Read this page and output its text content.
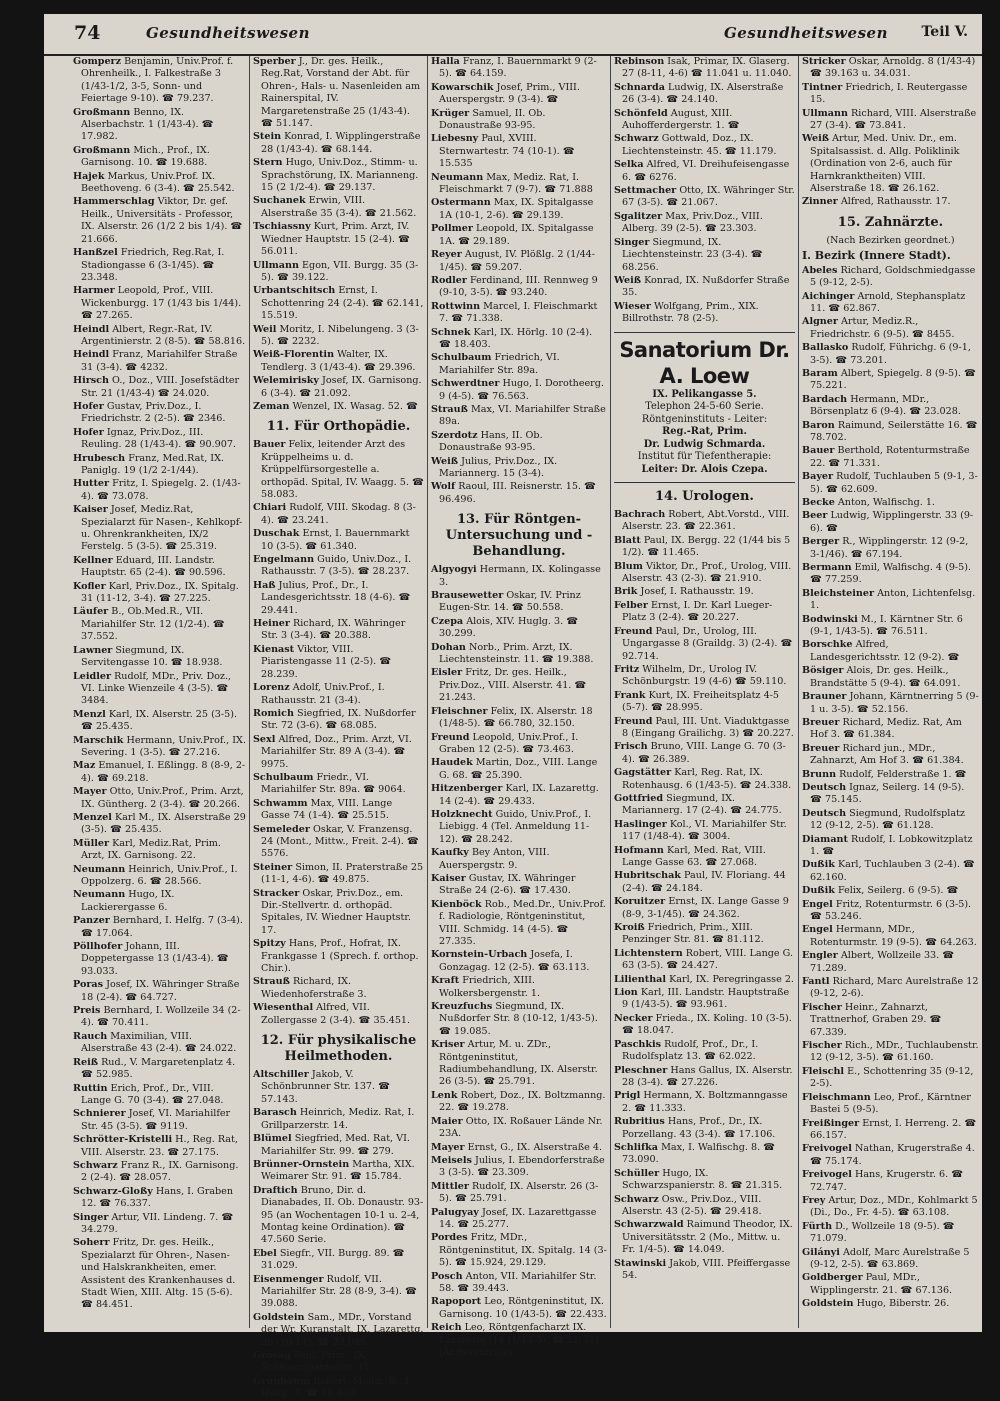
74	Gesundheitswesen	Gesundheitswesen Teil V.
Gomperz Benjamin, Univ.Prof. f. Ohrenheilk., I. Falkestraße 3 (1/43-1/2, 3-5, Sonn- und Feiertage 9-10). ☎ 79.237.
Großmann Benno, IX. Alserbachstr. 1 (1/43-4). ☎ 17.982.
Großmann Mich., Prof., IX. Garnisong. 10. ☎ 19.688.
Hajek Markus, Univ.Prof. IX. Beethoveng. 6 (3-4). ☎ 25.542.
Hammerschlag Viktor, Dr. gef. Heilk., Universitäts - Professor, IX. Alserstr. 26 (1/2 2 bis 1/4). ☎ 21.666.
Hanßzel Friedrich, Reg.Rat, I. Stadiongasse 6 (3-1/45). ☎ 23.348.
Harmer Leopold, Prof., VIII. Wickenburgg. 17 (1/43 bis 1/44). ☎ 27.265.
Heindl Albert, Regr.-Rat, IV. Argentinierstr. 2 (8-5). ☎ 58.816.
Heindl Franz, Mariahilfer Straße 31 (3-4). ☎ 4232.
Hirsch O., Doz., VIII. Josefstädter Str. 21 (1/43-4) ☎ 24.020.
Hofer Gustav, Priv.Doz., I. Friedrichstr. 2 (2-5). ☎ 2346.
Hofer Ignaz, Priv.Doz., III. Reuling. 28 (1/43-4). ☎ 90.907.
Hrubesch Franz, Med.Rat, IX. Paniglg. 19 (1/2 2-1/44).
Hutter Fritz, I. Spiegelg. 2. (1/43-4). ☎ 73.078.
Kaiser Josef, Mediz.Rat, Spezialarzt für Nasen-, Kehlkopf- u. Ohrenkrankheiten, IX/2 Ferstelg. 5 (3-5). ☎ 25.319.
Kellner Eduard, III. Landstr. Hauptstr. 65 (2-4). ☎ 90.596.
Kofler Karl, Priv.Doz., IX. Spitalg. 31 (11-12, 3-4). ☎ 27.225.
Läufer B., Ob.Med.R., VII. Mariahilfer Str. 12 (1/2-4). ☎ 37.552.
Lawner Siegmund, IX. Servitengasse 10. ☎ 18.938.
Leidler Rudolf, MDr., Priv. Doz., VI. Linke Wienzeile 4 (3-5). ☎ 3484.
Menzl Karl, IX. Alserstr. 25 (3-5). ☎ 25.435.
Marschik Hermann, Univ.Prof., IX. Severing. 1 (3-5). ☎ 27.216.
Maz Emanuel, I. Eßlingg. 8 (8-9, 2-4). ☎ 69.218.
Mayer Otto, Univ.Prof., Prim. Arzt, IX. Güntherg. 2 (3-4). ☎ 20.266.
Menzel Karl M., IX. Alserstraße 29 (3-5). ☎ 25.435.
Müller Karl, Mediz.Rat, Prim. Arzt, IX. Garnisong. 22.
Neumann Heinrich, Univ.Prof., I. Oppolzerg. 6. ☎ 28.566.
Neumann Hugo, IX. Lackierergasse 6.
Panzer Bernhard, I. Helfg. 7 (3-4). ☎ 17.064.
Pöllhofer Johann, III. Doppetergasse 13 (1/43-4). ☎ 93.033.
Poras Josef, IX. Währinger Straße 18 (2-4). ☎ 64.727.
Preis Bernhard, I. Wollzeile 34 (2-4). ☎ 70.411.
Rauch Maximilian, VIII. Alserstraße 43 (2-4). ☎ 24.022.
Reiß Rud., V. Margaretenplatz 4. ☎ 52.985.
Ruttin Erich, Prof., Dr., VIII. Lange G. 70 (3-4). ☎ 27.048.
Schnierer Josef, VI. Mariahilfer Str. 45 (3-5). ☎ 9119.
Schrötter-Kristelli H., Reg. Rat, VIII. Alserstr. 23. ☎ 27.175.
Schwarz Franz R., IX. Garnisong. 2 (2-4). ☎ 28.057.
Schwarz-Gloßy Hans, I. Graben 12. ☎ 76.337.
Singer Artur, VII. Lindeng. 7. ☎ 34.279.
Soherr Fritz, Dr. ges. Heilk., Spezialarzt für Ohren-, Nasen- und Halskrankheiten, emer. Assistent des Krankenhauses d. Stadt Wien, XIII. Altg. 15 (5-6). ☎ 84.451.
Sperber J., Dr. ges. Heilk., Reg.Rat, Vorstand der Abt. für Ohren-, Hals- u. Nasenleiden am Rainerspital, IV. Margaretenstraße 25 (1/43-4). ☎ 51.147.
Stein Konrad, I. Wipplingerstraße 28 (1/43-4). ☎ 68.144.
Stern Hugo, Univ.Doz., Stimm- u. Sprachstörung, IX. Marianneng. 15 (2 1/2-4). ☎ 29.137.
Suchanek Erwin, VIII. Alserstraße 35 (3-4). ☎ 21.562.
Tschiassny Kurt, Prim. Arzt, IV. Wiedner Hauptstr. 15 (2-4). ☎ 56.011.
Ullmann Egon, VII. Burgg. 35 (3-5). ☎ 39.122.
Urbantschitsch Ernst, I. Schottenring 24 (2-4). ☎ 62.141, 15.519.
Weil Moritz, I. Nibelungeng. 3 (3-5). ☎ 2232.
Weiß-Florentin Walter, IX. Tendlerg. 3 (1/43-4). ☎ 29.396.
Welemirisky Josef, IX. Garnisong. 6 (3-4). ☎ 21.092.
Zeman Wenzel, IX. Wasag. 52. ☎
11. Für Orthopädie.
Bauer Felix, leitender Arzt des Krüppelheims u. d. Krüppelfürsorgestelle a. orthopäd. Spital, IV. Waagg. 5. ☎ 58.083.
Chiari Rudolf, VIII. Skodag. 8 (3-4). ☎ 23.241.
Duschak Ernst, I. Bauernmarkt 10 (3-5). ☎ 61.340.
Engelmann Guido, Univ.Doz., I. Rathausstr. 7 (3-5). ☎ 28.237.
Haß Julius, Prof., Dr., I. Landesgerichtsstr. 18 (4-6). ☎ 29.441.
Heiner Richard, IX. Währinger Str. 3 (3-4). ☎ 20.388.
Kienast Viktor, VIII. Piaristengasse 11 (2-5). ☎ 28.239.
Lorenz Adolf, Univ.Prof., I. Rathausstr. 21 (3-4).
Romich Siegfried, IX. Nußdorfer Str. 72 (3-6). ☎ 68.085.
Sexl Alfred, Doz., Prim. Arzt, VI. Mariahilfer Str. 89 A (3-4). ☎ 9975.
Schulbaum Friedr., VI. Mariahilfer Str. 89a. ☎ 9064.
Schwamm Max, VIII. Lange Gasse 74 (1-4). ☎ 25.515.
Semeleder Oskar, V. Franzensg. 24 (Mont., Mittw., Freit. 2-4). ☎ 5576.
Steiner Simon, II. Praterstraße 25 (11-1, 4-6). ☎ 49.875.
Stracker Oskar, Priv.Doz., em. Dir.-Stellvertr. d. orthopäd. Spitales, IV. Wiedner Hauptstr. 17.
Spitzy Hans, Prof., Hofrat, IX. Frankgasse 1 (Sprech. f. orthop. Chir.).
Strauß Richard, IX. Wiedenhoferstraße 3.
Wiesenthal Alfred, VII. Zollergasse 2 (3-4). ☎ 35.451.
12. Für physikalische Heilmethoden.
Altschiller Jakob, V. Schönbrunner Str. 137. ☎ 57.143.
Barasch Heinrich, Mediz. Rat, I. Grillparzerstr. 14.
Blümel Siegfried, Med. Rat, VI. Mariahilfer Str. 99. ☎ 279.
Brünner-Ornstein Martha, XIX. Weimarer Str. 91. ☎ 15.784.
Draftich Bruno, Dir. d. Dianabades, II. Ob. Donaustr. 93-95 (an Wochentagen 10-1 u. 2-4, Montag keine Ordination). ☎ 47.560 Serie.
Ebel Siegfr., VII. Burgg. 89. ☎ 31.029.
Eisenmenger Rudolf, VII. Mariahilfer Str. 28 (8-9, 3-4). ☎ 39.088.
Goldstein Sam., MDr., Vorstand der Wr. Kuranstalt, IX. Lazarettg. 20 (10-11). ☎ 22.045.
Grosag Paul, Prim., IX. Schwarzspanierstr. 15.
Grünbaum Robert, Mediz. R., I. Helfg. 7. ☎ 19.460.
Halla Franz, I. Bauernmarkt 9 (2-5). ☎ 64.159.
Kowarschik Josef, Prim., VIII. Auerspergstr. 9 (3-4). ☎
Krüger Samuel, II. Ob. Donaustraße 93-95.
Liebesny Paul, XVIII. Sternwartestr. 74 (10-1). ☎ 15.535
Neumann Max, Mediz. Rat, I. Fleischmarkt 7 (9-7). ☎ 71.888
Ostermann Max, IX. Spitalgasse 1A (10-1, 2-6). ☎ 29.139.
Pollmer Leopold, IX. Spitalgasse 1A. ☎ 29.189.
Reyer August, IV. Plößlg. 2 (1/44-1/45). ☎ 59.207.
Rodler Ferdinand, III. Rennweg 9 (9-10, 3-5). ☎ 93.240.
Rottwinn Marcel, I. Fleischmarkt 7. ☎ 71.338.
Schnek Karl, IX. Hörlg. 10 (2-4). ☎ 18.403.
Schulbaum Friedrich, VI. Mariahilfer Str. 89a.
Schwerdtner Hugo, I. Dorotheerg. 9 (4-5). ☎ 76.563.
Strauß Max, VI. Mariahilfer Straße 89a.
Szerdotz Hans, II. Ob. Donaustraße 93-95.
Weiß Julius, Priv.Doz., IX. Mariannerg. 15 (3-4).
Wolf Raoul, III. Reisnerstr. 15. ☎ 96.496.
13. Für Röntgen-Untersuchung und -Behandlung.
Algyogyi Hermann, IX. Kolingasse 3.
Brausewetter Oskar, IV. Prinz Eugen-Str. 14. ☎ 50.558.
Czepa Alois, XIV. Huglg. 3. ☎ 30.299.
Dohan Norb., Prim. Arzt, IX. Liechtensteinstr. 11. ☎ 19.388.
Eisler Fritz, Dr. ges. Heilk., Priv.Doz., VIII. Alserstr. 41. ☎ 21.243.
Fleischner Felix, IX. Alserstr. 18 (1/48-5). ☎ 66.780, 32.150.
Freund Leopold, Univ.Prof., I. Graben 12 (2-5). ☎ 73.463.
Haudek Martin, Doz., VIII. Lange G. 68. ☎ 25.390.
Hitzenberger Karl, IX. Lazarettg. 14 (2-4). ☎ 29.433.
Holzknecht Guido, Univ.Prof., I. Liebigg. 4 (Tel. Anmeldung 11-12). ☎ 28.242.
Kaufky Bey Anton, VIII. Auerspergstr. 9.
Kaiser Gustav, IX. Währinger Straße 24 (2-6). ☎ 17.430.
Kienböck Rob., Med.Dr., Univ.Prof. f. Radiologie, Röntgeninstitut, VIII. Schmidg. 14 (4-5). ☎ 27.335.
Kornstein-Urbach Josefa, I. Gonzagag. 12 (2-5). ☎ 63.113.
Kraft Friedrich, XIII. Wolkersbergenstr. 1.
Kreuzfuchs Siegmund, IX. Nußdorfer Str. 8 (10-12, 1/43-5). ☎ 19.085.
Kriser Artur, M. u. ZDr., Röntgeninstitut, Radiumbehandlung, IX. Alserstr. 26 (3-5). ☎ 25.791.
Lenk Robert, Doz., IX. Boltzmanng. 22. ☎ 19.278.
Maier Otto, IX. Roßauer Lände Nr. 23A.
Mayer Ernst, G., IX. Alserstraße 4.
Meisels Julius, I. Ebendorferstraße 3 (3-5). ☎ 23.309.
Mittler Rudolf, IX. Alserstr. 26 (3-5). ☎ 25.791.
Palugyay Josef, IX. Lazarettgasse 14. ☎ 25.277.
Pordes Fritz, MDr., Röntgeninstitut, IX. Spitalg. 14 (3-5). ☎ 15.924, 29.129.
Posch Anton, VII. Mariahilfer Str. 58. ☎ 39.443.
Rapoport Leo, Röntgeninstitut, IX. Garnisong. 10 (1/43-5). ☎ 22.433.
Reich Leo, Röntgenfacharzt IX. Lazarettg. 14 (1/43-5). ☎ 21.331 (Ärztezentrale).
Rebinson Isak, Primar, IX. Glaserg. 27 (8-11, 4-6) ☎ 11.041 u. 11.040.
Schnarda Ludwig, IX. Alserstraße 26 (3-4). ☎ 24.140.
Schönfeld August, XIII. Auhofferdergerstr. 1. ☎
Schwarz Gottwald, Doz., IX. Liechtensteinstr. 45. ☎ 11.179.
Selka Alfred, VI. Dreihufeisengasse 6. ☎ 6276.
Settmacher Otto, IX. Währinger Str. 67 (3-5). ☎ 21.067.
Sgalitzer Max, Priv.Doz., VIII. Alberg. 39 (2-5). ☎ 23.303.
Singer Siegmund, IX. Liechtensteinstr. 23 (3-4). ☎ 68.256.
Weiß Konrad, IX. Nußdorfer Straße 35.
Wieser Wolfgang, Prim., XIX. Billrothstr. 78 (2-5).
Sanatorium Dr. A. Loew
IX. Pelikangasse 5.
Telephon 24-5-60 Serie.
Röntgeninstituts - Leiter:
Reg.-Rat, Prim.
Dr. Ludwig Schmarda.
Institut für Tiefentherapie:
Leiter: Dr. Alois Czepa.
14. Urologen.
Bachrach Robert, Abt.Vorstd., VIII. Alserstr. 23. ☎ 22.361.
Blatt Paul, IX. Bergg. 22 (1/44 bis 5 1/2). ☎ 11.465.
Blum Viktor, Dr., Prof., Urolog, VIII. Alserstr. 43 (2-3). ☎ 21.910.
Brik Josef, I. Rathausstr. 19.
Felber Ernst, I. Dr. Karl Lueger-Platz 3 (2-4). ☎ 20.227.
Freund Paul, Dr., Urolog, III. Ungargasse 8 (Graildg. 3) (2-4). ☎ 92.714.
Fritz Wilhelm, Dr., Urolog IV. Schönburgstr. 19 (4-6) ☎ 59.110.
Frank Kurt, IX. Freiheitsplatz 4-5 (5-7). ☎ 28.995.
Freund Paul, III. Unt. Viaduktgasse 8 (Eingang Grailichg. 3) ☎ 20.227.
Frisch Bruno, VIII. Lange G. 70 (3-4). ☎ 26.389.
Gagstätter Karl, Reg. Rat, IX. Rotenhausg. 6 (1/43-5). ☎ 24.338.
Gottfried Siegmund, IX. Mariannerg. 17 (2-4). ☎ 24.775.
Haslinger Kol., VI. Mariahilfer Str. 117 (1/48-4). ☎ 3004.
Hofmann Karl, Med. Rat, VIII. Lange Gasse 63. ☎ 27.068.
Hubritschak Paul, IV. Floriang. 44 (2-4). ☎ 24.184.
Koruitzer Ernst, IX. Lange Gasse 9 (8-9, 3-1/45). ☎ 24.362.
Kroiß Friedrich, Prim., XIII. Penzinger Str. 81. ☎ 81.112.
Lichtenstern Robert, VIII. Lange G. 63 (3-5). ☎ 24.427.
Lilienthal Karl, IX. Peregringasse 2.
Lion Karl, III. Landstr. Hauptstraße 9 (1/43-5). ☎ 93.961.
Necker Frieda., IX. Koling. 10 (3-5). ☎ 18.047.
Paschkis Rudolf, Prof., Dr., I. Rudolfsplatz 13. ☎ 62.022.
Pleschner Hans Gallus, IX. Alserstr. 28 (3-4). ☎ 27.226.
Prigl Hermann, X. Boltzmanngasse 2. ☎ 11.333.
Rubritius Hans, Prof., Dr., IX. Porzellang. 43 (3-4). ☎ 17.106.
Schlifka Max, I. Walfischg. 8. ☎ 73.090.
Schüller Hugo, IX. Schwarzspanierstr. 8. ☎ 21.315.
Schwarz Osw., Priv.Doz., VIII. Alserstr. 43 (2-5). ☎ 29.418.
Schwarzwald Raimund Theodor, IX. Universitätsstr. 2 (Mo., Mittw. u. Fr. 1/4-5). ☎ 14.049.
Stawinski Jakob, VIII. Pfeiffergasse 54.
Stricker Oskar, Arnoldg. 8 (1/43-4) ☎ 39.163 u. 34.031.
Tintner Friedrich, I. Reutergasse 15.
Ullmann Richard, VIII. Alserstraße 27 (3-4). ☎ 73.841.
Weiß Artur, Med. Univ. Dr., em. Spitalsassist. d. Allg. Poliklinik (Ordination von 2-6, auch für Harnkranktheiten) VIII. Alserstraße 18. ☎ 26.162.
Zinner Alfred, Rathausstr. 17.
15. Zahnärzte.
(Nach Bezirken geordnet.)
I. Bezirk (Innere Stadt).
Abeles Richard, Goldschmiedgasse 5 (9-12, 2-5).
Aichinger Arnold, Stephansplatz 11. ☎ 62.867.
Algner Artur, Mediz.R., Friedrichstr. 6 (9-5). ☎ 8455.
Ballasko Rudolf, Führichg. 6 (9-1, 3-5). ☎ 73.201.
Baram Albert, Spiegelg. 8 (9-5). ☎ 75.221.
Bardach Hermann, MDr., Börsenplatz 6 (9-4). ☎ 23.028.
Baron Raimund, Seilerstätte 16. ☎ 78.702.
Bauer Berthold, Rotenturmstraße 22. ☎ 71.331.
Bayer Rudolf, Tuchlauben 5 (9-1, 3-5). ☎ 62.609.
Becke Anton, Walfischg. 1.
Beer Ludwig, Wipplingerstr. 33 (9-6). ☎
Berger R., Wipplingerstr. 12 (9-2, 3-1/46). ☎ 67.194.
Bermann Emil, Walfischg. 4 (9-5). ☎ 77.259.
Bleichsteiner Anton, Lichtenfelsg. 1.
Bodwinski M., I. Kärntner Str. 6 (9-1, 1/43-5). ☎ 76.511.
Borschke Alfred, Landesgerichtsstr. 12 (9-2). ☎
Bösiger Alois, Dr. ges. Heilk., Brandstätte 5 (9-4). ☎ 64.091.
Brauner Johann, Kärntnerring 5 (9-1 u. 3-5). ☎ 52.156.
Breuer Richard, Mediz. Rat, Am Hof 3. ☎ 61.384.
Breuer Richard jun., MDr., Zahnarzt, Am Hof 3. ☎ 61.384.
Brunn Rudolf, Felderstraße 1. ☎
Deutsch Ignaz, Seilerg. 14 (9-5). ☎ 75.145.
Deutsch Siegmund, Rudolfsplatz 12 (9-12, 2-5). ☎ 61.128.
Diamant Rudolf, I. Lobkowitzplatz 1. ☎
Dußik Karl, Tuchlauben 3 (2-4). ☎ 62.160.
Dußik Felix, Seilerg. 6 (9-5). ☎
Engel Fritz, Rotenturmstr. 6 (3-5). ☎ 53.246.
Engel Hermann, MDr., Rotenturmstr. 19 (9-5). ☎ 64.263.
Engler Albert, Wollzeile 33. ☎ 71.289.
Fantl Richard, Marc Aurelstraße 12 (9-12, 2-6).
Fischer Heinr., Zahnarzt, Trattnerhof, Graben 29. ☎ 67.339.
Fischer Rich., MDr., Tuchlaubenstr. 12 (9-12, 3-5). ☎ 61.160.
Fleischl E., Schottenring 35 (9-12, 2-5).
Fleischmann Leo, Prof., Kärntner Bastei 5 (9-5).
Freißinger Ernst, I. Herreng. 2. ☎ 66.157.
Freivogel Nathan, Krugerstraße 4. ☎ 75.174.
Freivogel Hans, Krugerstr. 6. ☎ 72.747.
Frey Artur, Doz., MDr., Kohlmarkt 5 (Di., Do., Fr. 4-5). ☎ 63.108.
Fürth D., Wollzeile 18 (9-5). ☎ 71.079.
Gilányi Adolf, Marc Aurelstraße 5 (9-12, 2-5). ☎ 63.869.
Goldberger Paul, MDr., Wipplingerstr. 21. ☎ 67.136.
Goldstein Hugo, Biberstr. 26.
